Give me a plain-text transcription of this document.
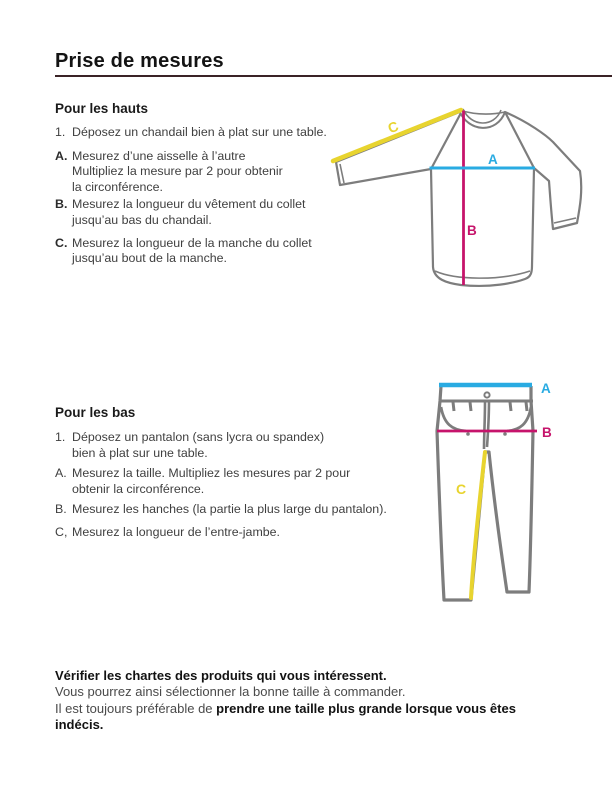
Prise de mesures
Pour les hauts
1. Déposez un chandail bien à plat sur une table.
A. Mesurez d’une aisselle à l’autre
Multipliez la mesure par 2 pour obtenir
la circonférence.
B. Mesurez la longueur du vêtement du collet
jusqu’au bas du chandail.
C. Mesurez la longueur de la manche du collet
jusqu’au bout de la manche.
C
A
B
Pour les bas
1. Déposez un pantalon (sans lycra ou spandex)
bien à plat sur une table.
A. Mesurez la taille. Multipliez les mesures par 2 pour
obtenir la circonférence.
B. Mesurez les hanches (la partie la plus large du pantalon).
C, Mesurez la longueur de l’entre-jambe.
A
B
C
Vérifier les chartes des produits qui vous intéressent.
Vous pourrez ainsi sélectionner la bonne taille à commander.
Il est toujours préférable de prendre une taille plus grande lorsque vous êtes indécis.
